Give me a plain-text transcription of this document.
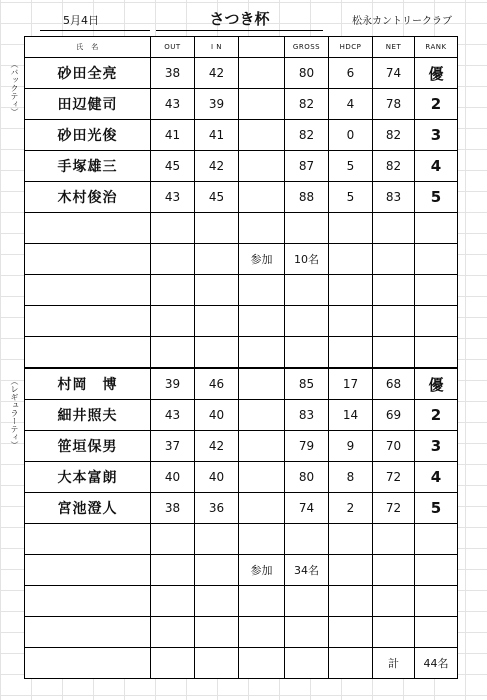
5月4日	さつき杯	松永カントリークラブ
（バックティ）
（レギュラーティ）
氏　名	OUT	I N		GROSS	HDCP	NET	RANK
砂田全亮	38	42		80	6	74	優
田辺健司	43	39		82	4	78	2
砂田光俊	41	41		82	0	82	3
手塚雄三	45	42		87	5	82	4
木村俊治	43	45		88	5	83	5

			参加	10名			

村岡　博	39	46		85	17	68	優
細井照夫	43	40		83	14	69	2
笹垣保男	37	42		79	9	70	3
大本富朗	40	40		80	8	72	4
宮池澄人	38	36		74	2	72	5

			参加	34名			

						計	44名
